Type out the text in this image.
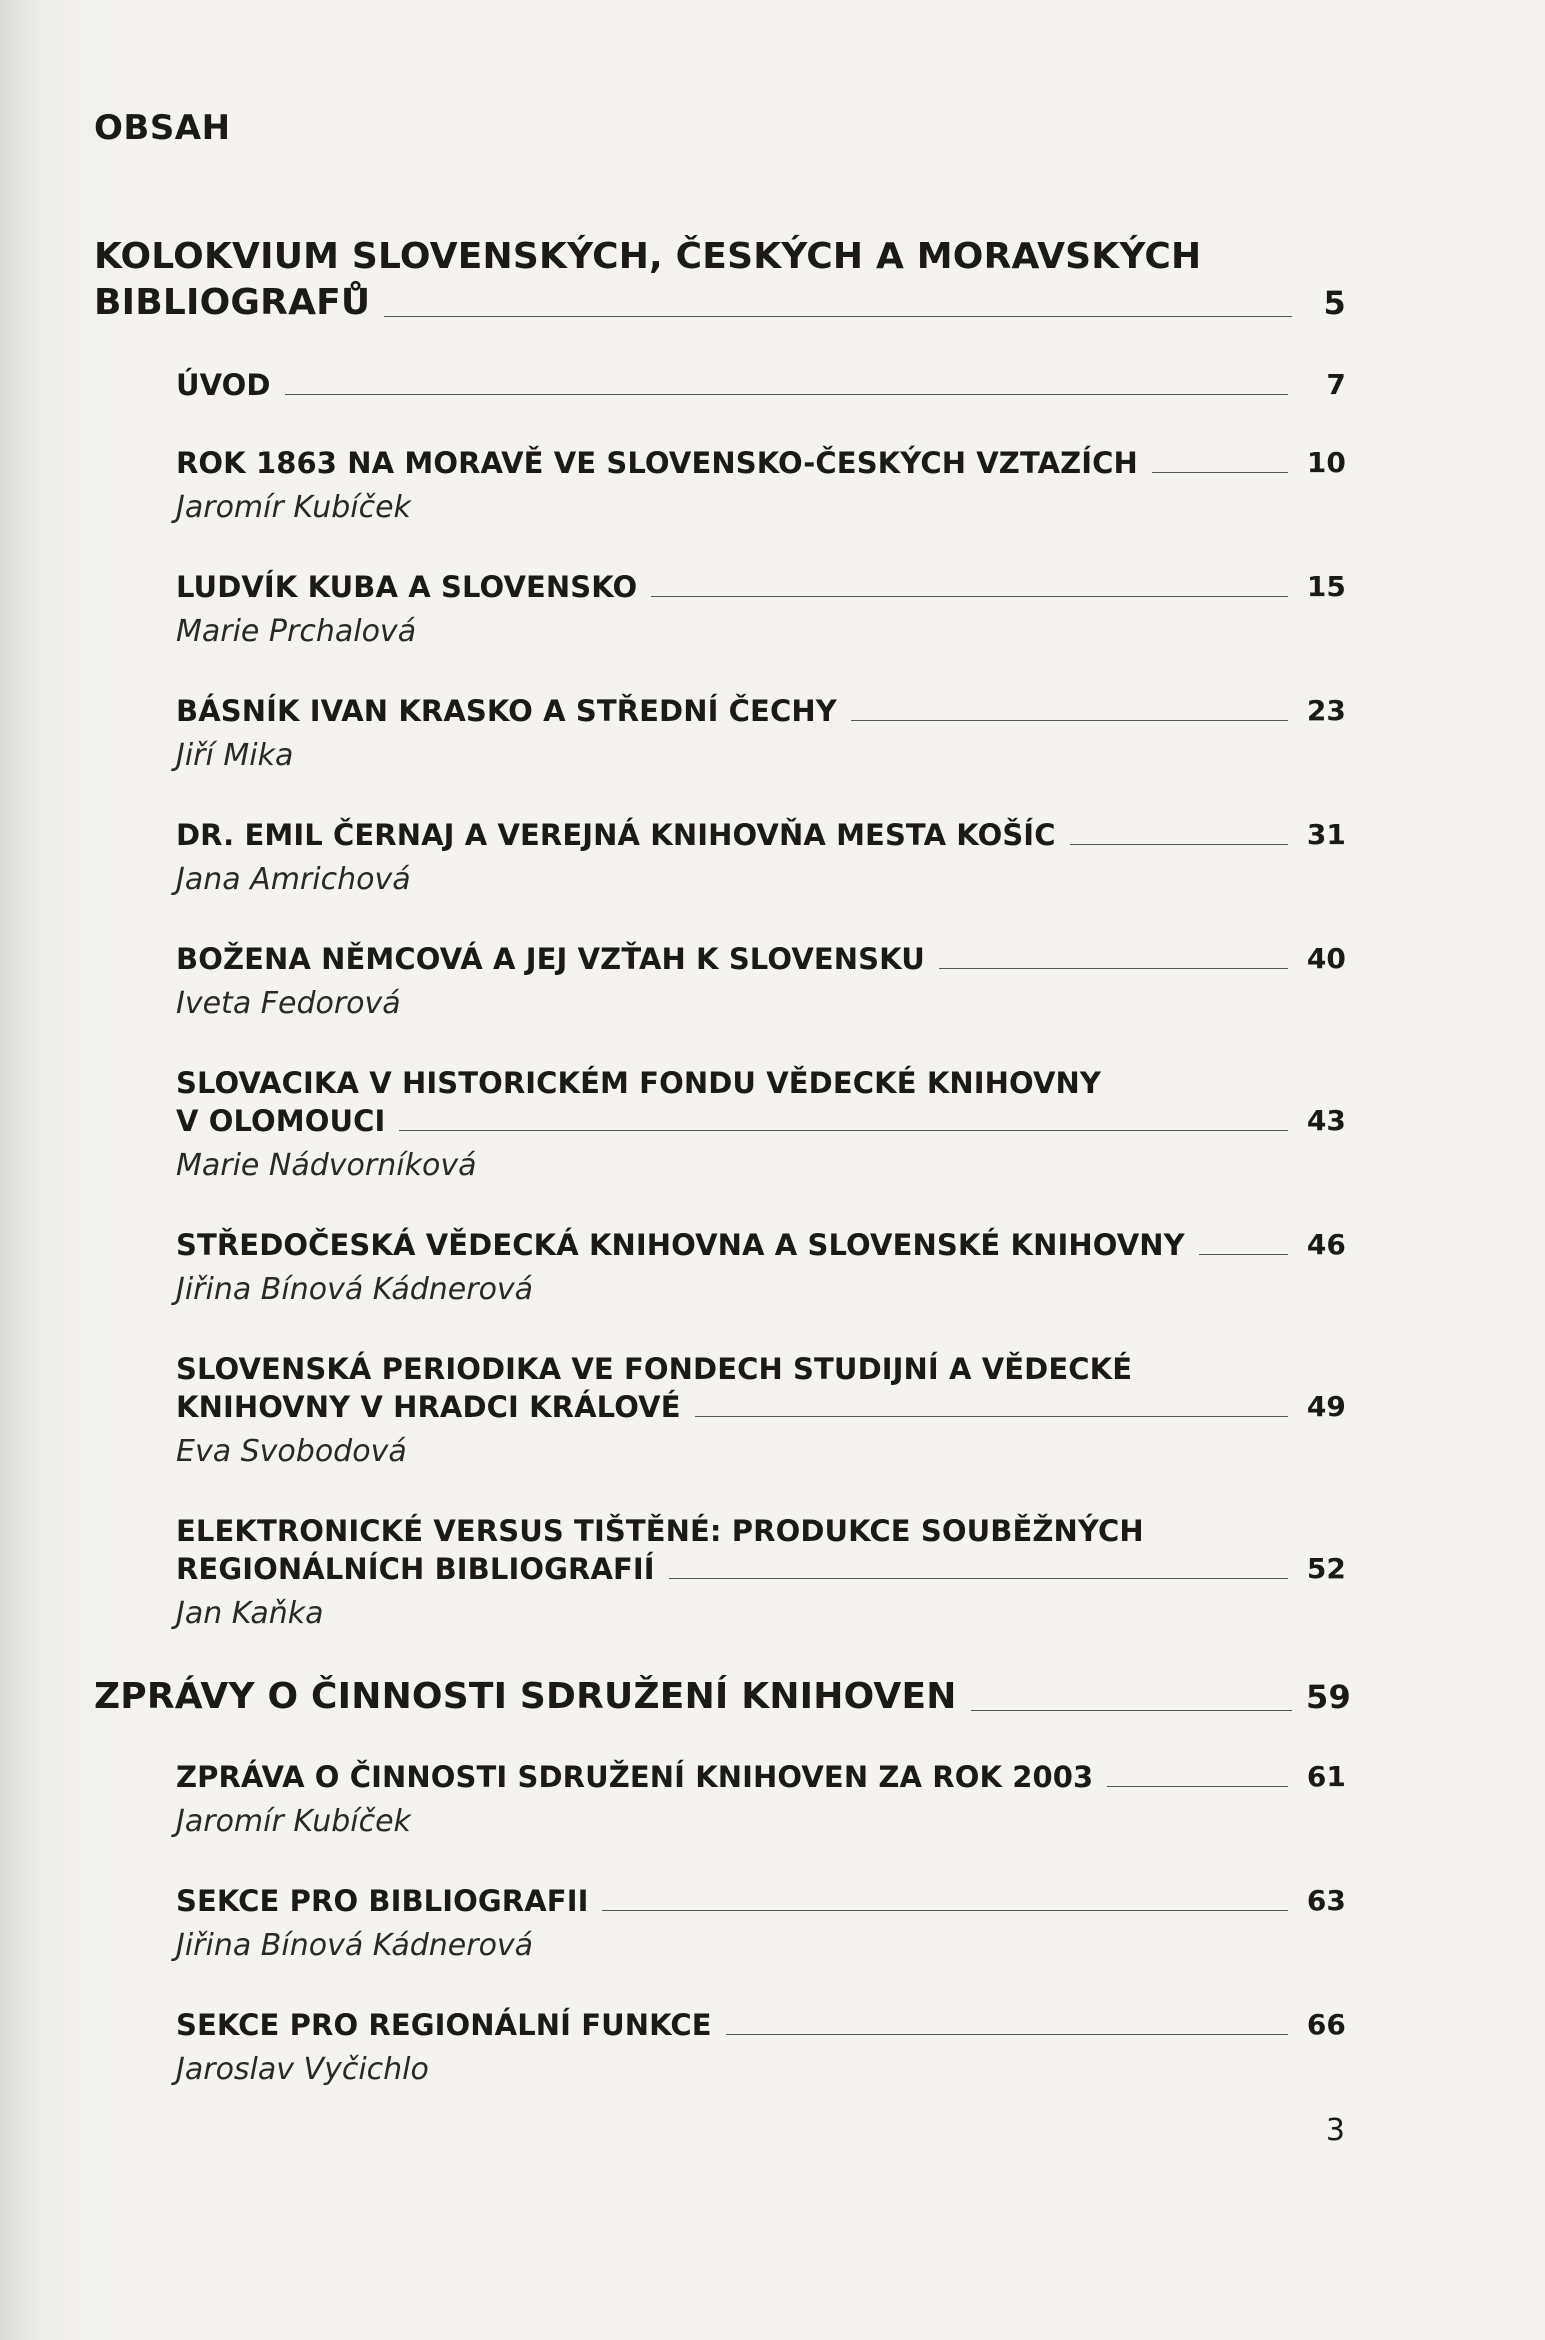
OBSAH
KOLOKVIUM SLOVENSKÝCH, ČESKÝCH A MORAVSKÝCH
BIBLIOGRAFŮ	5
ÚVOD	7
ROK 1863 NA MORAVĚ VE SLOVENSKO-ČESKÝCH VZTAZÍCH	10
Jaromír Kubíček
LUDVÍK KUBA A SLOVENSKO	15
Marie Prchalová
BÁSNÍK IVAN KRASKO A STŘEDNÍ ČECHY	23
Jiří Mika
DR. EMIL ČERNAJ A VEREJNÁ KNIHOVŇA MESTA KOŠÍC	31
Jana Amrichová
BOŽENA NĚMCOVÁ A JEJ VZŤAH K SLOVENSKU	40
Iveta Fedorová
SLOVACIKA V HISTORICKÉM FONDU VĚDECKÉ KNIHOVNY
V OLOMOUCI	43
Marie Nádvorníková
STŘEDOČESKÁ VĚDECKÁ KNIHOVNA A SLOVENSKÉ KNIHOVNY	46
Jiřina Bínová Kádnerová
SLOVENSKÁ PERIODIKA VE FONDECH STUDIJNÍ A VĚDECKÉ
KNIHOVNY V HRADCI KRÁLOVÉ	49
Eva Svobodová
ELEKTRONICKÉ VERSUS TIŠTĚNÉ: PRODUKCE SOUBĚŽNÝCH
REGIONÁLNÍCH BIBLIOGRAFIÍ	52
Jan Kaňka
ZPRÁVY O ČINNOSTI SDRUŽENÍ KNIHOVEN	59
ZPRÁVA O ČINNOSTI SDRUŽENÍ KNIHOVEN ZA ROK 2003	61
Jaromír Kubíček
SEKCE PRO BIBLIOGRAFII	63
Jiřina Bínová Kádnerová
SEKCE PRO REGIONÁLNÍ FUNKCE	66
Jaroslav Vyčichlo
3
